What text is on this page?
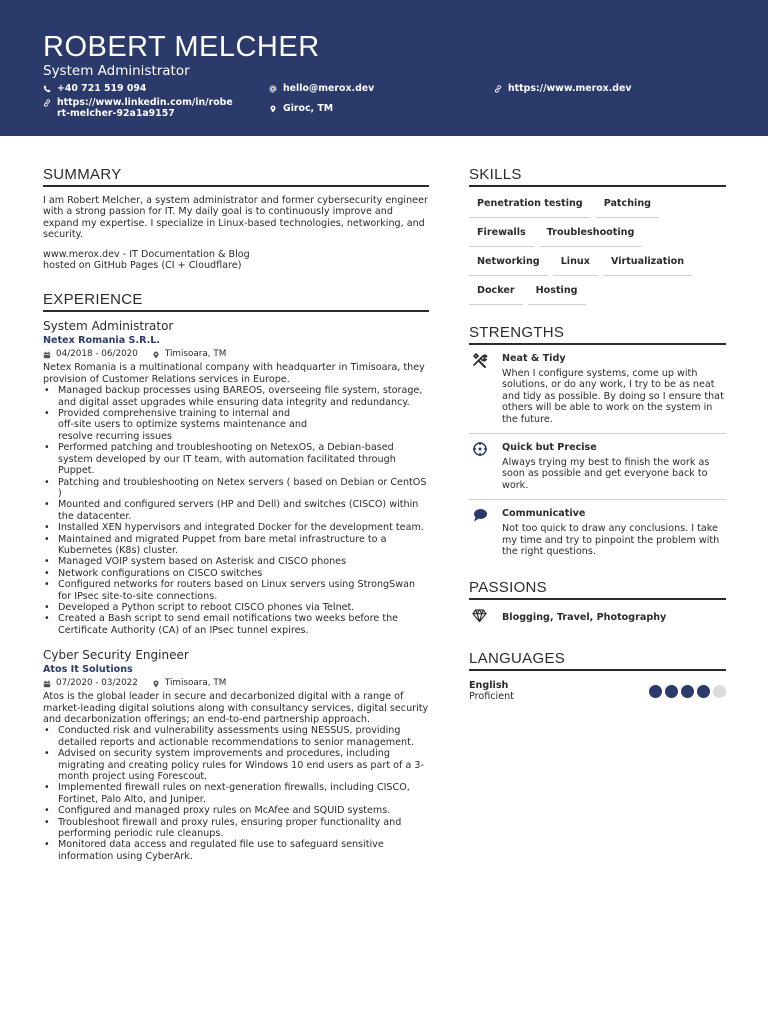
ROBERT MELCHER
System Administrator
+40 721 519 094	hello@merox.dev	https://www.merox.dev
https://www.linkedin.com/in/robert-melcher-92a1a9157	Giroc, TM
SUMMARY
I am Robert Melcher, a system administrator and former cybersecurity engineer with a strong passion for IT. My daily goal is to continuously improve and expand my expertise. I specialize in Linux-based technologies, networking, and security.
www.merox.dev - IT Documentation & Blog
hosted on GitHub Pages (CI + Cloudflare)
EXPERIENCE
System Administrator
Netex Romania S.R.L.
04/2018 - 06/2020	Timisoara, TM
Netex Romania is a multinational company with headquarter in Timisoara, they provision of Customer Relations services in Europe.
• Managed backup processes using BAREOS, overseeing file system, storage, and digital asset upgrades while ensuring data integrity and redundancy.
• Provided comprehensive training to internal and
off-site users to optimize systems maintenance and
resolve recurring issues
• Performed patching and troubleshooting on NetexOS, a Debian-based system developed by our IT team, with automation facilitated through Puppet.
• Patching and troubleshooting on Netex servers ( based on Debian or CentOS )
• Mounted and configured servers (HP and Dell) and switches (CISCO) within the datacenter.
• Installed XEN hypervisors and integrated Docker for the development team.
• Maintained and migrated Puppet from bare metal infrastructure to a Kubernetes (K8s) cluster.
• Managed VOIP system based on Asterisk and CISCO phones
• Network configurations on CISCO switches
• Configured networks for routers based on Linux servers using StrongSwan for IPsec site-to-site connections.
• Developed a Python script to reboot CISCO phones via Telnet.
• Created a Bash script to send email notifications two weeks before the Certificate Authority (CA) of an IPsec tunnel expires.
Cyber Security Engineer
Atos It Solutions
07/2020 - 03/2022	Timisoara, TM
Atos is the global leader in secure and decarbonized digital with a range of market-leading digital solutions along with consultancy services, digital security and decarbonization offerings; an end-to-end partnership approach.
• Conducted risk and vulnerability assessments using NESSUS, providing detailed reports and actionable recommendations to senior management.
• Advised on security system improvements and procedures, including migrating and creating policy rules for Windows 10 end users as part of a 3-month project using Forescout.
• Implemented firewall rules on next-generation firewalls, including CISCO, Fortinet, Palo Alto, and Juniper.
• Configured and managed proxy rules on McAfee and SQUID systems.
• Troubleshoot firewall and proxy rules, ensuring proper functionality and performing periodic rule cleanups.
• Monitored data access and regulated file use to safeguard sensitive information using CyberArk.
SKILLS
Penetration testing	Patching
Firewalls	Troubleshooting
Networking	Linux	Virtualization
Docker	Hosting
STRENGTHS
Neat & Tidy
When I configure systems, come up with solutions, or do any work, I try to be as neat and tidy as possible. By doing so I ensure that others will be able to work on the system in the future.
Quick but Precise
Always trying my best to finish the work as soon as possible and get everyone back to work.
Communicative
Not too quick to draw any conclusions. I take my time and try to pinpoint the problem with the right questions.
PASSIONS
Blogging, Travel, Photography
LANGUAGES
English
Proficient
